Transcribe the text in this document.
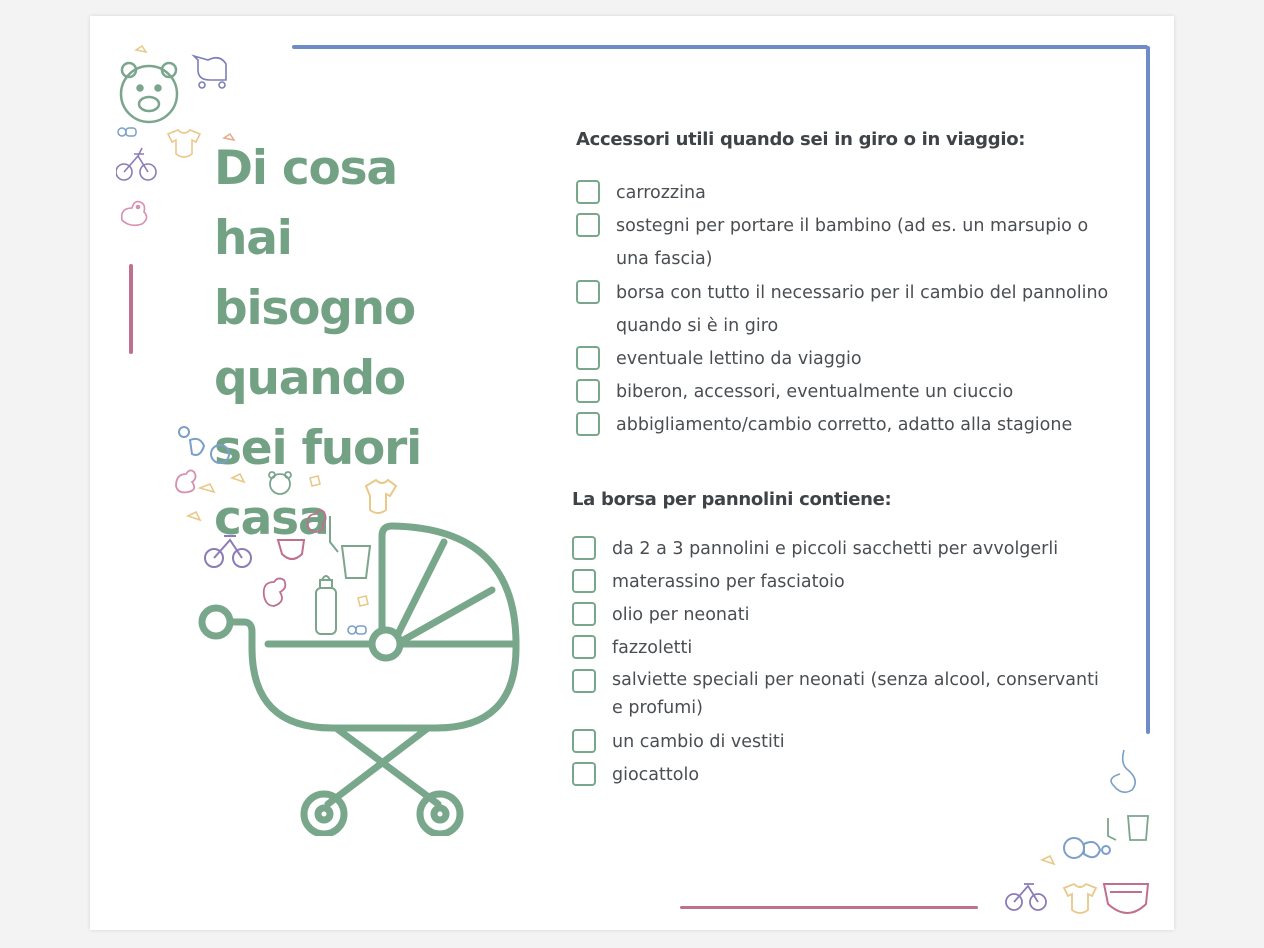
Di cosa hai bisogno quando sei fuori casa
Accessori utili quando sei in giro o in viaggio:
carrozzina
sostegni per portare il bambino (ad es. un marsupio o una fascia)
borsa con tutto il necessario per il cambio del pannolino quando si è in giro
eventuale lettino da viaggio
biberon, accessori, eventualmente un ciuccio
abbigliamento/cambio corretto, adatto alla stagione
La borsa per pannolini contiene:
da 2 a 3 pannolini e piccoli sacchetti per avvolgerli
materassino per fasciatoio
olio per neonati
fazzoletti
salviette speciali per neonati (senza alcool, conservanti e profumi)
un cambio di vestiti
giocattolo
